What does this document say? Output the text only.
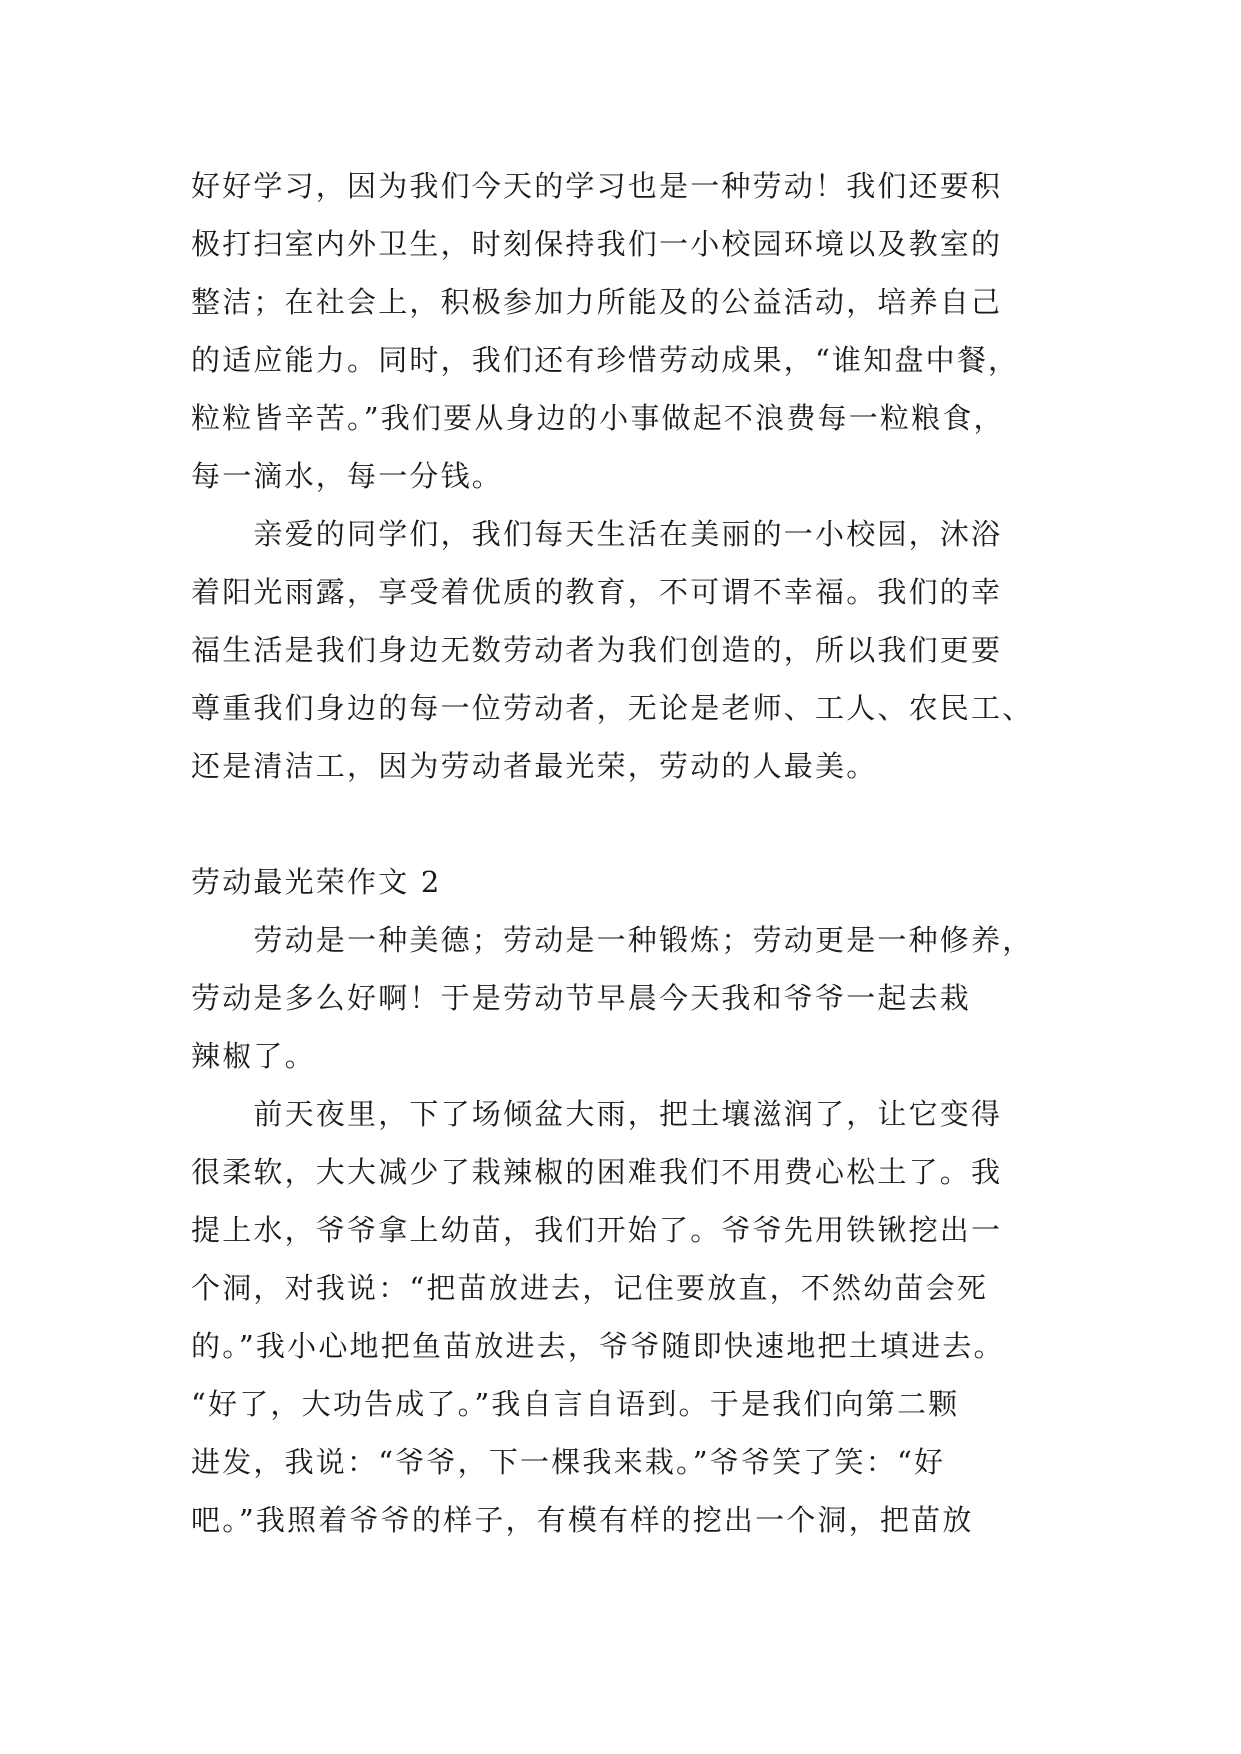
好好学习，因为我们今天的学习也是一种劳动！我们还要积
极打扫室内外卫生，时刻保持我们一小校园环境以及教室的
整洁；在社会上，积极参加力所能及的公益活动，培养自己
的适应能力。同时，我们还有珍惜劳动成果，“谁知盘中餐，
粒粒皆辛苦。”我们要从身边的小事做起不浪费每一粒粮食，
每一滴水，每一分钱。
　　亲爱的同学们，我们每天生活在美丽的一小校园，沐浴
着阳光雨露，享受着优质的教育，不可谓不幸福。我们的幸
福生活是我们身边无数劳动者为我们创造的，所以我们更要
尊重我们身边的每一位劳动者，无论是老师、工人、农民工、
还是清洁工，因为劳动者最光荣，劳动的人最美。
劳动最光荣作文 2
　　劳动是一种美德；劳动是一种锻炼；劳动更是一种修养，
劳动是多么好啊！于是劳动节早晨今天我和爷爷一起去栽
辣椒了。
　　前天夜里，下了场倾盆大雨，把土壤滋润了，让它变得
很柔软，大大减少了栽辣椒的困难我们不用费心松土了。我
提上水，爷爷拿上幼苗，我们开始了。爷爷先用铁锹挖出一
个洞，对我说：“把苗放进去，记住要放直，不然幼苗会死
的。”我小心地把鱼苗放进去，爷爷随即快速地把土填进去。
“好了，大功告成了。”我自言自语到。于是我们向第二颗
进发，我说：“爷爷，下一棵我来栽。”爷爷笑了笑：“好
吧。”我照着爷爷的样子，有模有样的挖出一个洞，把苗放
